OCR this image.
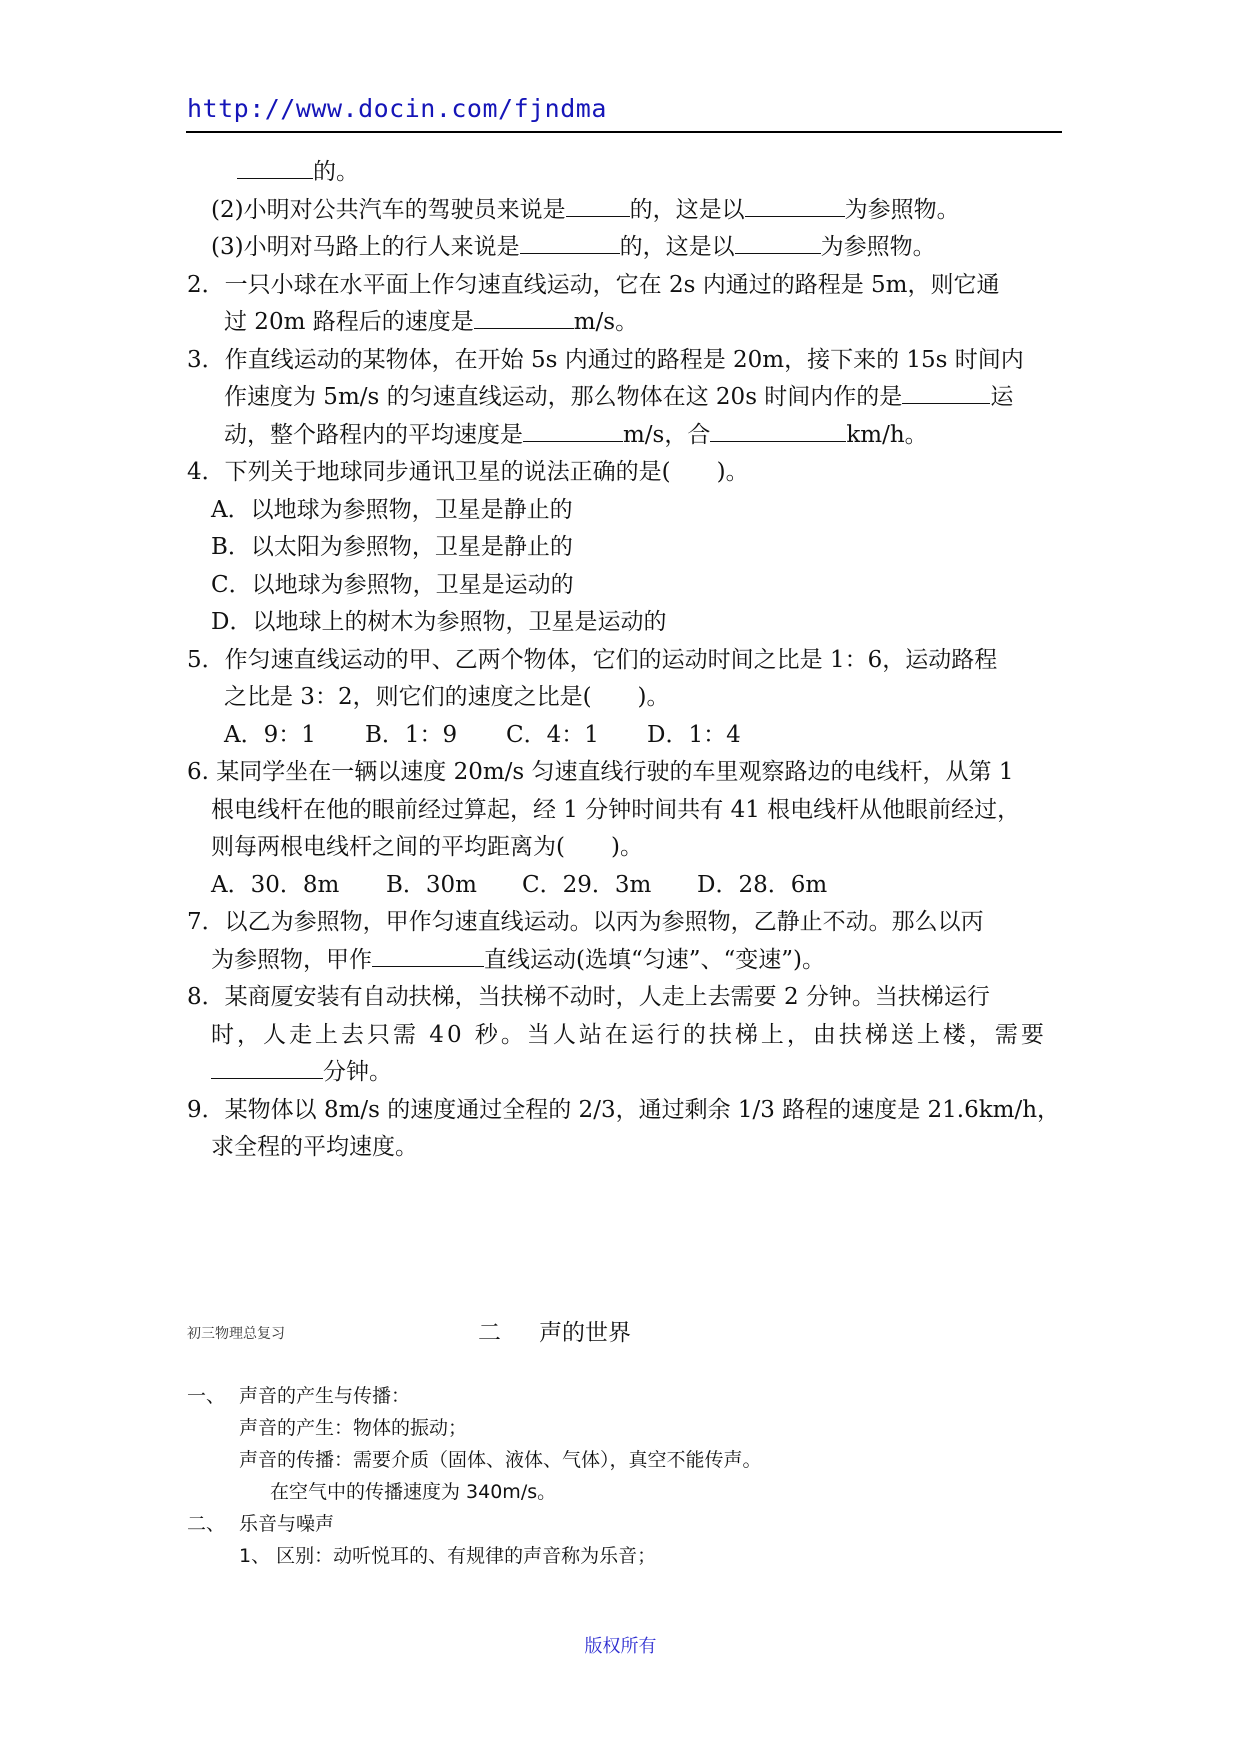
http://www.docin.com/fjndma
的。
(2)小明对公共汽车的驾驶员来说是	的，这是以	为参照物。
(3)小明对马路上的行人来说是	的，这是以	为参照物。
2．一只小球在水平面上作匀速直线运动，它在 2s 内通过的路程是 5m，则它通
过 20m 路程后的速度是	m/s。
3．作直线运动的某物体，在开始 5s 内通过的路程是 20m，接下来的 15s 时间内
作速度为 5m/s 的匀速直线运动，那么物体在这 20s 时间内作的是	运
动，整个路程内的平均速度是	m/s，合	km/h。
4．下列关于地球同步通讯卫星的说法正确的是(　　)。
A．以地球为参照物，卫星是静止的
B．以太阳为参照物，卫星是静止的
C．以地球为参照物，卫星是运动的
D．以地球上的树木为参照物，卫星是运动的
5．作匀速直线运动的甲、乙两个物体，它们的运动时间之比是 1：6，运动路程
之比是 3：2，则它们的速度之比是(　　)。
A．9：1 B．1：9 C．4：1 D．1：4
6. 某同学坐在一辆以速度 20m/s 匀速直线行驶的车里观察路边的电线杆，从第 1
根电线杆在他的眼前经过算起，经 1 分钟时间共有 41 根电线杆从他眼前经过，
则每两根电线杆之间的平均距离为(　　)。
A．30．8m B．30m C．29．3m D．28．6m
7．以乙为参照物，甲作匀速直线运动。以丙为参照物，乙静止不动。那么以丙
为参照物，甲作	直线运动(选填“匀速”、“变速”)。
8．某商厦安装有自动扶梯，当扶梯不动时，人走上去需要 2 分钟。当扶梯运行
时，人走上去只需 40 秒。当人站在运行的扶梯上，由扶梯送上楼，需要
分钟。
9．某物体以 8m/s 的速度通过全程的 2/3，通过剩余 1/3 路程的速度是 21.6km/h，
求全程的平均速度。
初三物理总复习	二 声的世界
一、 声音的产生与传播：
声音的产生：物体的振动；
声音的传播：需要介质（固体、液体、气体），真空不能传声。
在空气中的传播速度为 340m/s。
二、 乐音与噪声
1、 区别：动听悦耳的、有规律的声音称为乐音；
版权所有
